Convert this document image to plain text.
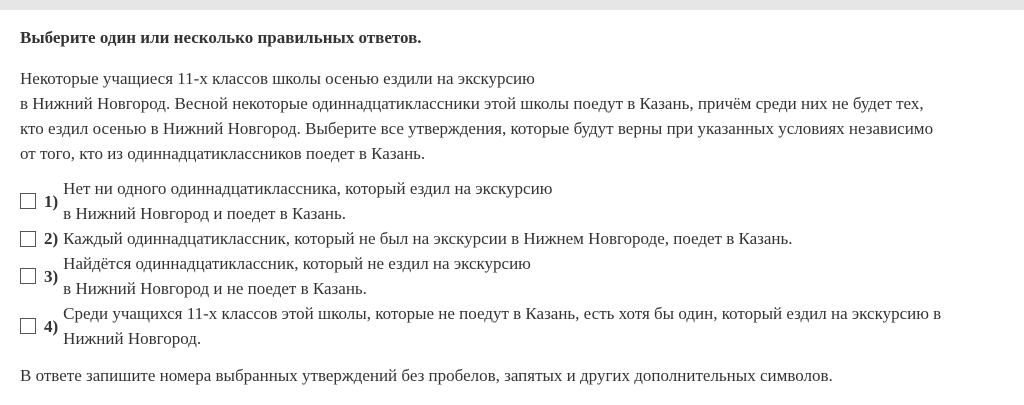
Выберите один или несколько правильных ответов.

Некоторые учащиеся 11-х классов школы осенью ездили на экскурсию
в Нижний Новгород. Весной некоторые одиннадцатиклассники этой школы поедут в Казань, причём среди них не будет тех,
кто ездил осенью в Нижний Новгород. Выберите все утверждения, которые будут верны при указанных условиях независимо
от того, кто из одиннадцатиклассников поедет в Казань.

1)
Нет ни одного одиннадцатиклассника, который ездил на экскурсию
в Нижний Новгород и поедет в Казань.
2) Каждый одиннадцатиклассник, который не был на экскурсии в Нижнем Новгороде, поедет в Казань.
3)
Найдётся одиннадцатиклассник, который не ездил на экскурсию
в Нижний Новгород и не поедет в Казань.
4)
Среди учащихся 11-х классов этой школы, которые не поедут в Казань, есть хотя бы один, который ездил на экскурсию в
Нижний Новгород.

В ответе запишите номера выбранных утверждений без пробелов, запятых и других дополнительных символов.
